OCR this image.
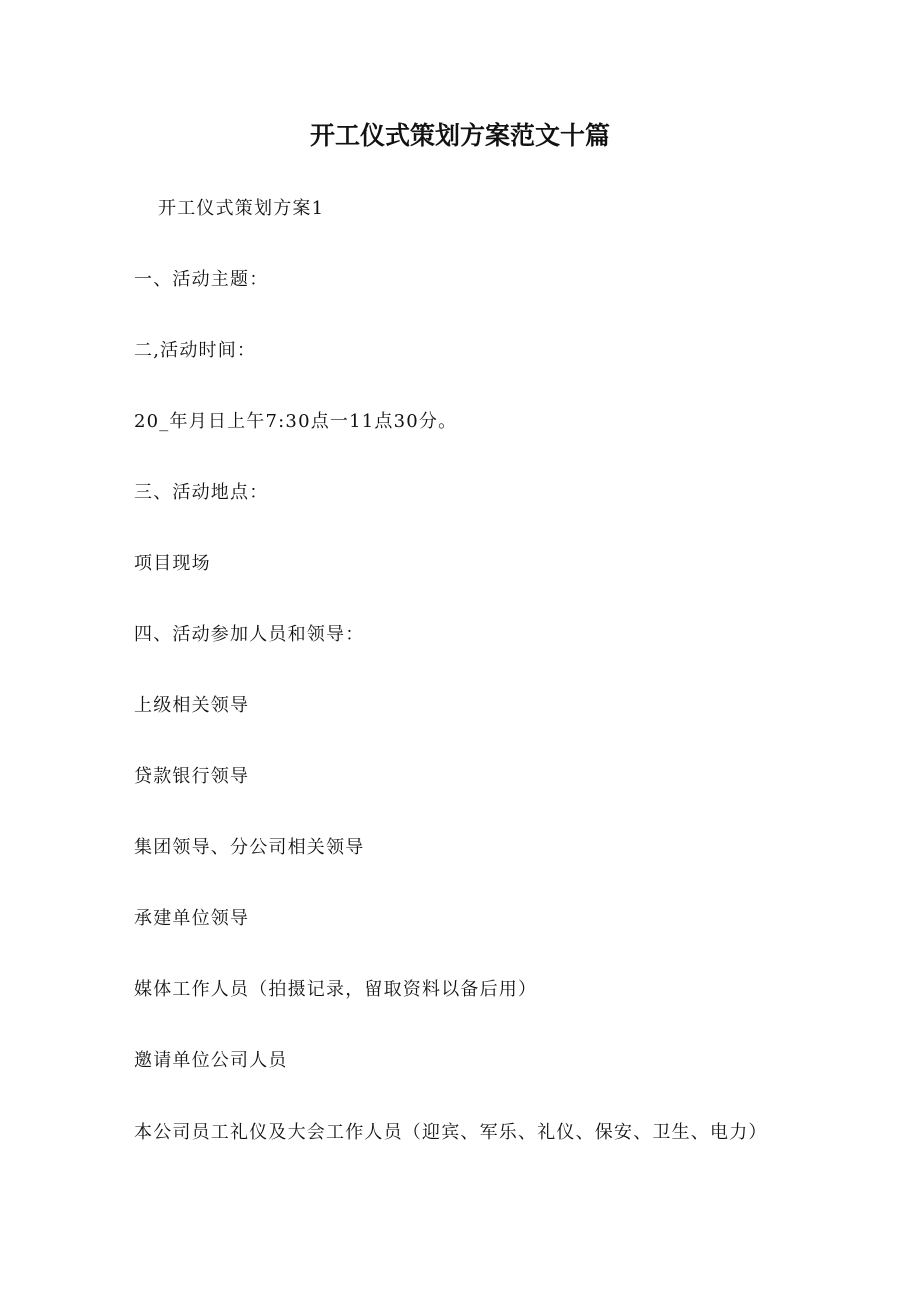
开工仪式策划方案范文十篇
开工仪式策划方案1
一、活动主题：
二,活动时间：
20_年月日上午7:30点一11点30分。
三、活动地点：
项目现场
四、活动参加人员和领导：
上级相关领导
贷款银行领导
集团领导、分公司相关领导
承建单位领导
媒体工作人员（拍摄记录，留取资料以备后用）
邀请单位公司人员
本公司员工礼仪及大会工作人员（迎宾、军乐、礼仪、保安、卫生、电力）
